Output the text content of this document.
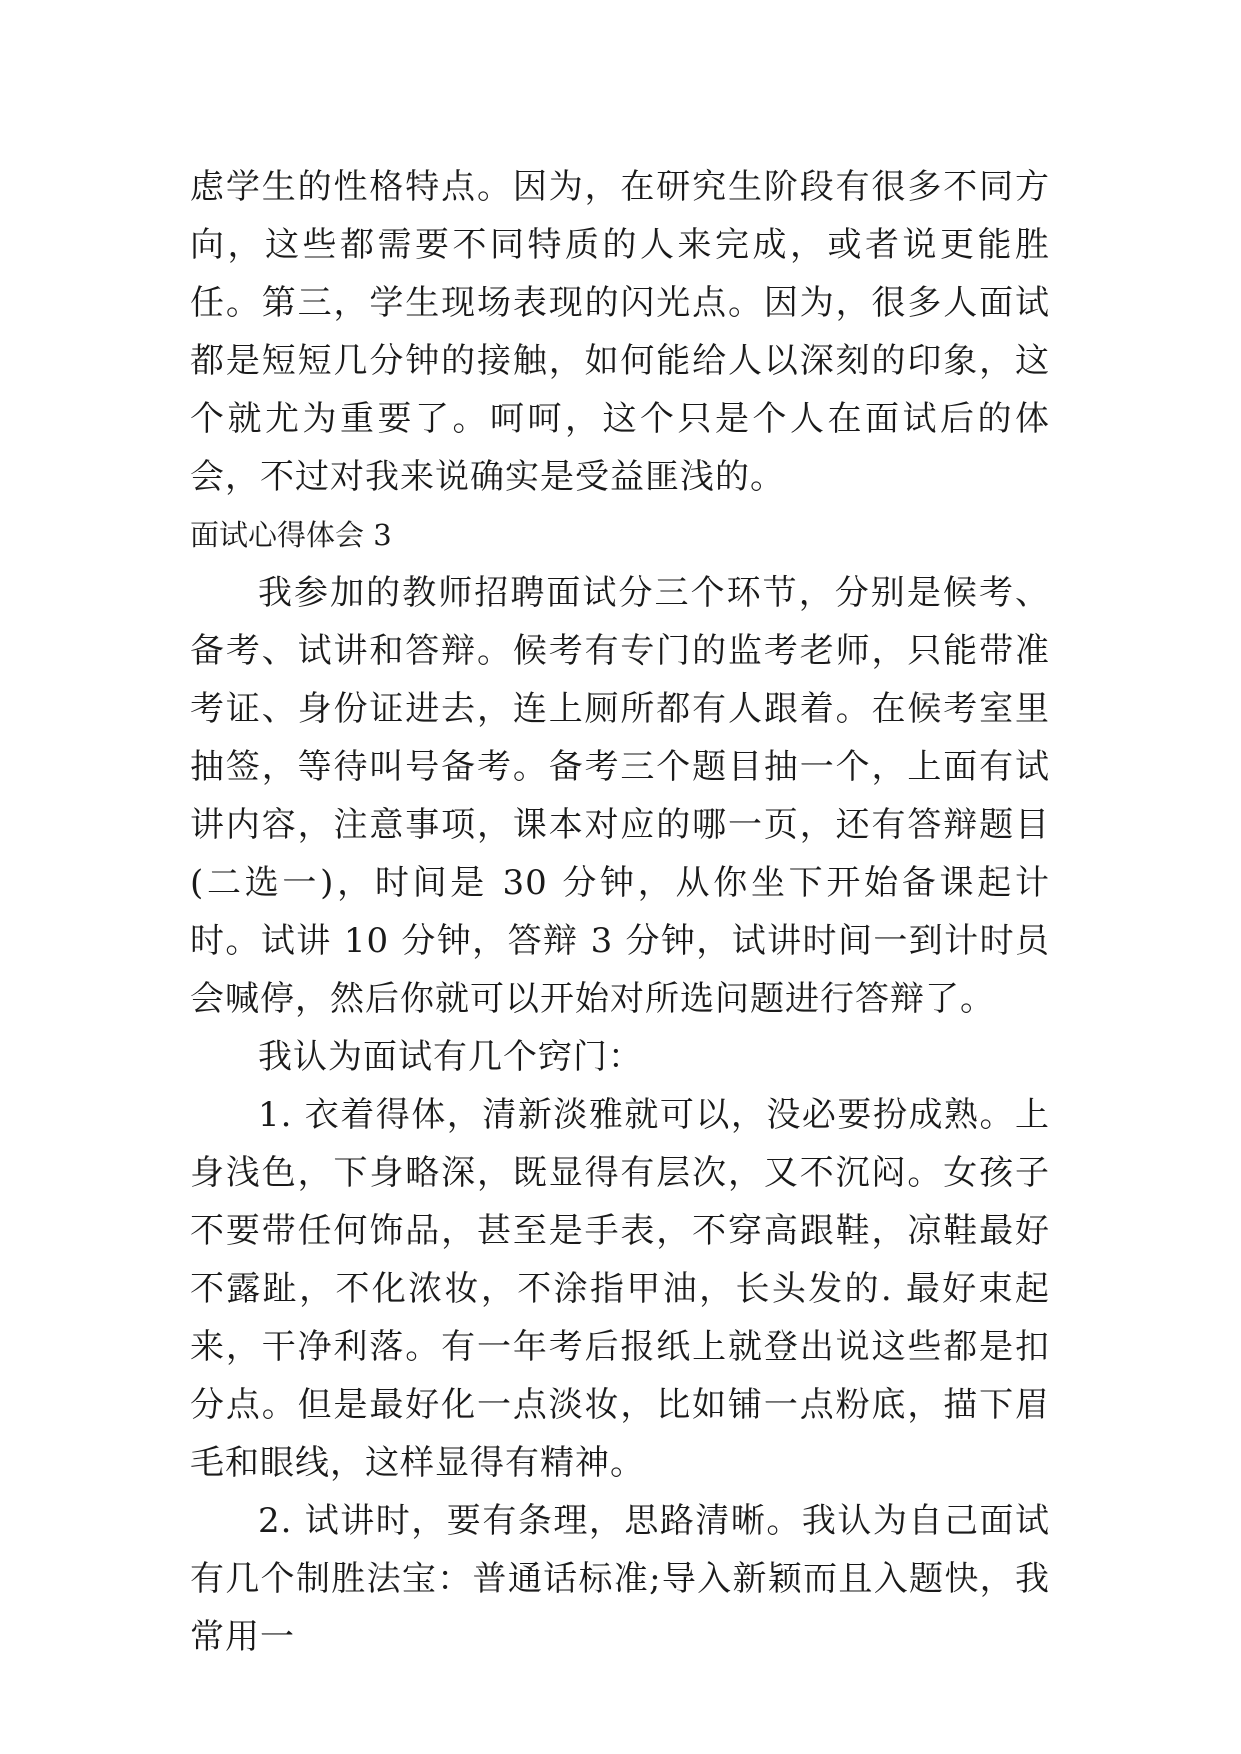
虑学生的性格特点。因为，在研究生阶段有很多不同方向，这些都需要不同特质的人来完成，或者说更能胜任。第三，学生现场表现的闪光点。因为，很多人面试都是短短几分钟的接触，如何能给人以深刻的印象，这个就尤为重要了。呵呵，这个只是个人在面试后的体会，不过对我来说确实是受益匪浅的。

面试心得体会 3

我参加的教师招聘面试分三个环节，分别是候考、备考、试讲和答辩。候考有专门的监考老师，只能带准考证、身份证进去，连上厕所都有人跟着。在候考室里抽签，等待叫号备考。备考三个题目抽一个，上面有试讲内容，注意事项，课本对应的哪一页，还有答辩题目(二选一)，时间是 30 分钟，从你坐下开始备课起计时。试讲 10 分钟，答辩 3 分钟，试讲时间一到计时员会喊停，然后你就可以开始对所选问题进行答辩了。

我认为面试有几个窍门：

1. 衣着得体，清新淡雅就可以，没必要扮成熟。上身浅色，下身略深，既显得有层次，又不沉闷。女孩子不要带任何饰品，甚至是手表，不穿高跟鞋，凉鞋最好不露趾，不化浓妆，不涂指甲油，长头发的. 最好束起来，干净利落。有一年考后报纸上就登出说这些都是扣分点。但是最好化一点淡妆，比如铺一点粉底，描下眉毛和眼线，这样显得有精神。

2. 试讲时，要有条理，思路清晰。我认为自己面试有几个制胜法宝：普通话标准;导入新颖而且入题快，我常用一
